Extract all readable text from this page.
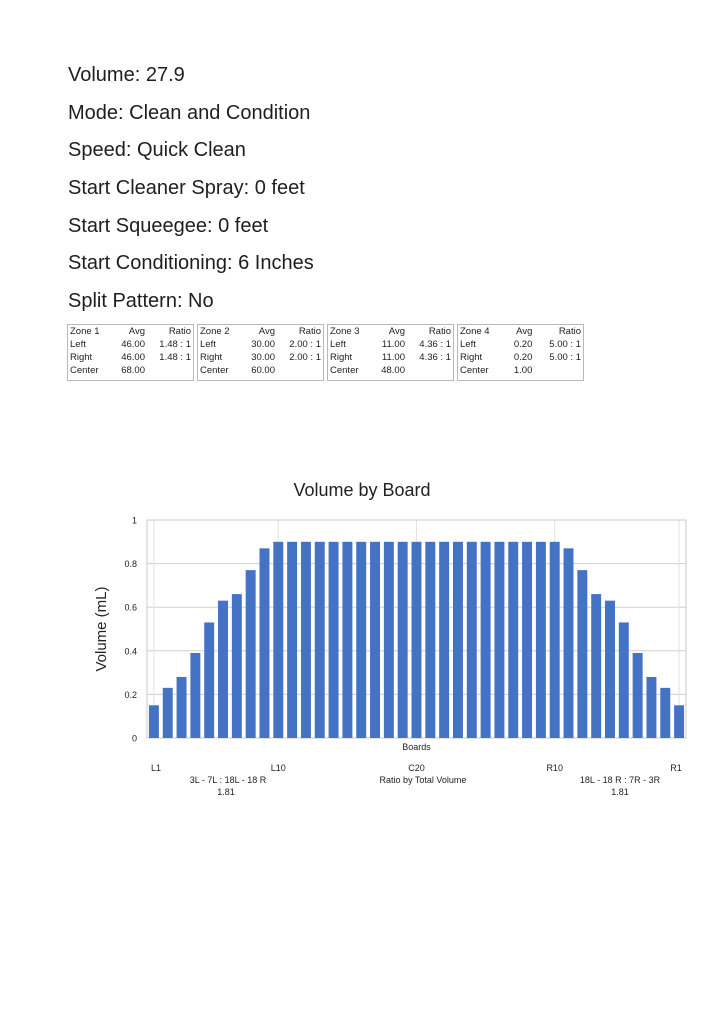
Volume: 27.9
Mode: Clean and Condition
Speed: Quick Clean
Start Cleaner Spray: 0 feet
Start Squeegee: 0 feet
Start Conditioning: 6 Inches
Split Pattern: No
Zone 1	Avg	Ratio
Left	46.00	1.48 : 1
Right	46.00	1.48 : 1
Center	68.00	
Zone 2	Avg	Ratio
Left	30.00	2.00 : 1
Right	30.00	2.00 : 1
Center	60.00	
Zone 3	Avg	Ratio
Left	11.00	4.36 : 1
Right	11.00	4.36 : 1
Center	48.00	
Zone 4	Avg	Ratio
Left	0.20	5.00 : 1
Right	0.20	5.00 : 1
Center	1.00	
Volume by Board
0
0.2
0.4
0.6
0.8
1
Boards
Volume (mL)
L1	L10	C20	R10	R1
3L - 7L : 18L - 18 R
1.81
Ratio by Total Volume	18L - 18 R : 7R - 3R
1.81
